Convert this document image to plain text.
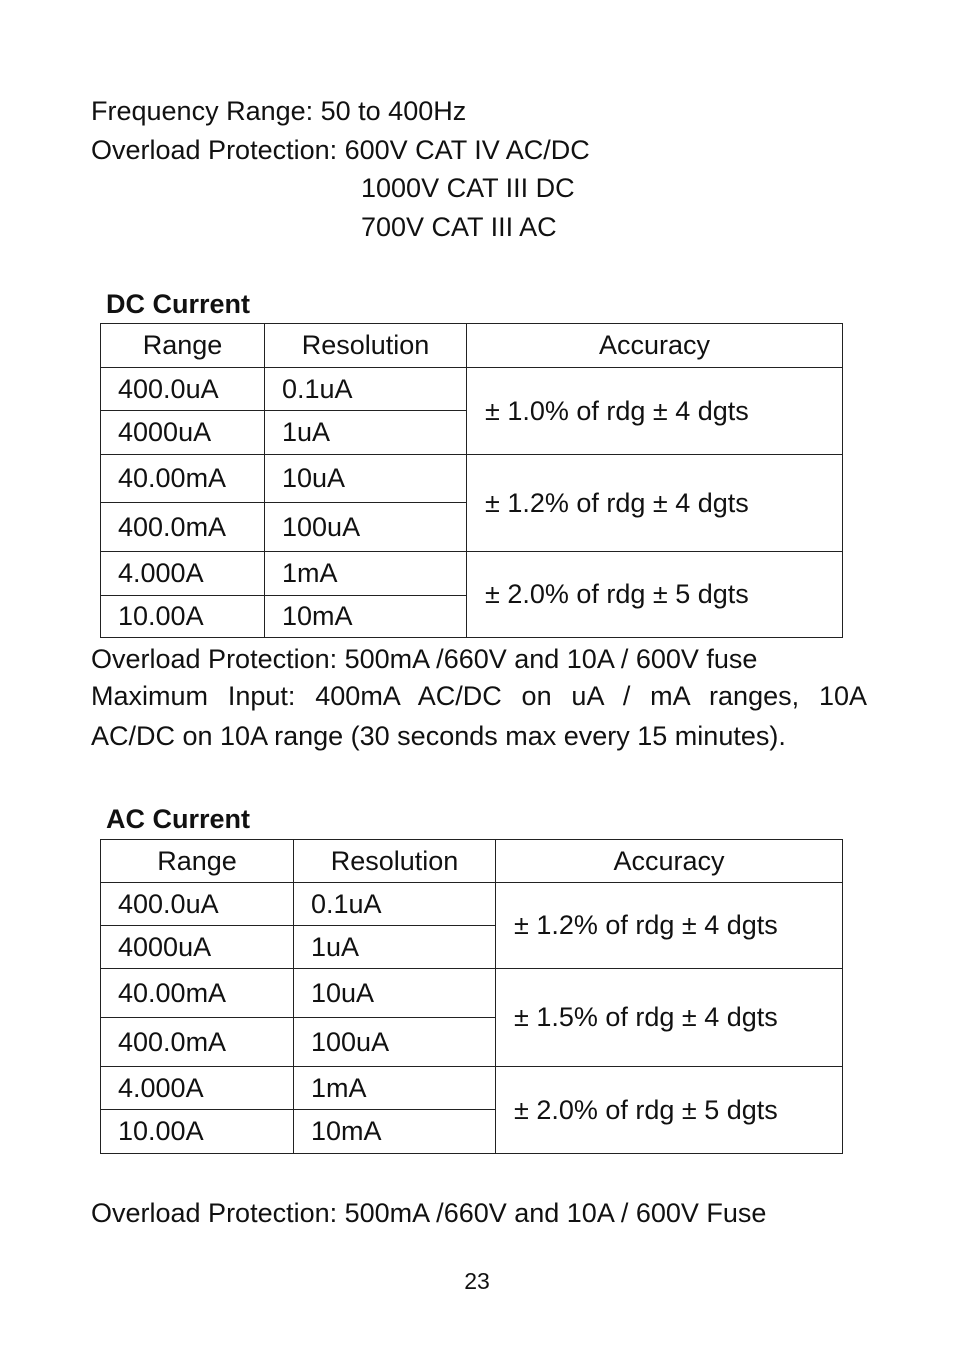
Frequency Range: 50 to 400Hz
Overload Protection: 600V CAT IV AC/DC
1000V CAT III DC
700V CAT III AC
DC Current
Range	Resolution	Accuracy
400.0uA	0.1uA	± 1.0% of rdg ± 4 dgts
4000uA	1uA	
40.00mA	10uA	± 1.2% of rdg ± 4 dgts
400.0mA	100uA	
4.000A	1mA	± 2.0% of rdg ± 5 dgts
10.00A	10mA	
Overload Protection: 500mA /660V and 10A / 600V fuse
Maximum Input: 400mA AC/DC on uA / mA ranges, 10A
AC/DC on 10A range (30 seconds max every 15 minutes).
AC Current
Range	Resolution	Accuracy
400.0uA	0.1uA	± 1.2% of rdg ± 4 dgts
4000uA	1uA	
40.00mA	10uA	± 1.5% of rdg ± 4 dgts
400.0mA	100uA	
4.000A	1mA	± 2.0% of rdg ± 5 dgts
10.00A	10mA	
Overload Protection: 500mA /660V and 10A / 600V Fuse
23
